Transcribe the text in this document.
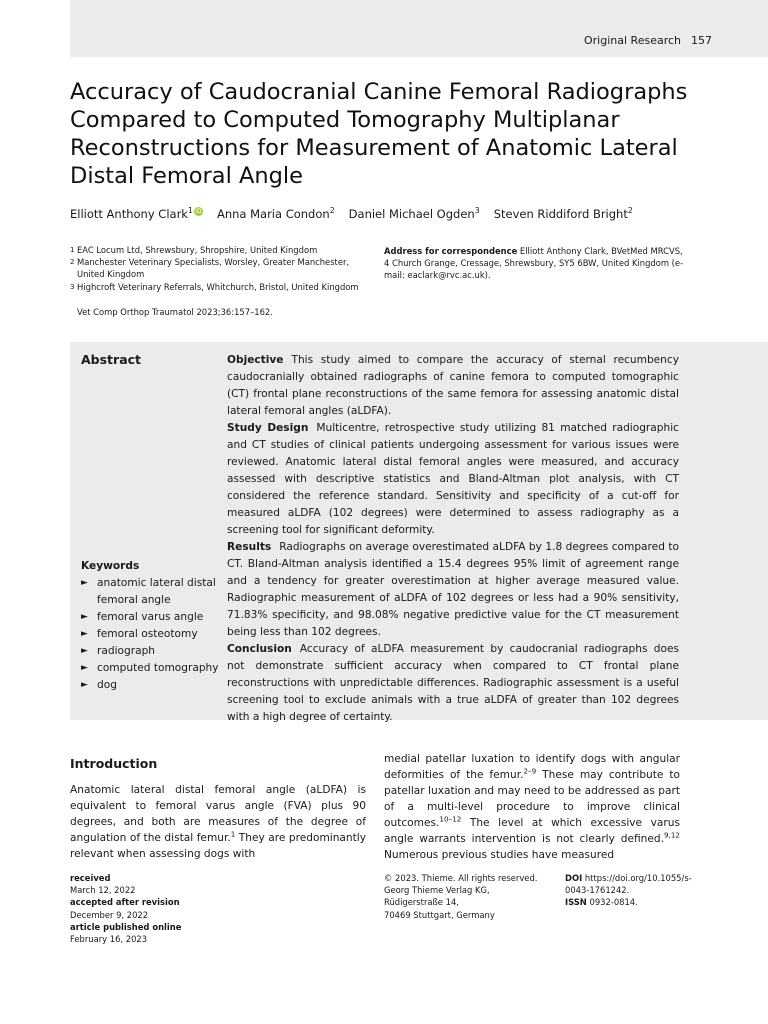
Original Research 157
Accuracy of Caudocranial Canine Femoral Radiographs Compared to Computed Tomography Multiplanar Reconstructions for Measurement of Anatomic Lateral Distal Femoral Angle
Elliott Anthony Clark$^1$ iD Anna Maria Condon$^2$ Daniel Michael Ogden$^3$ Steven Riddiford Bright$^2$
1 EAC Locum Ltd, Shrewsbury, Shropshire, United Kingdom
2 Manchester Veterinary Specialists, Worsley, Greater Manchester, United Kingdom
3 Highcroft Veterinary Referrals, Whitchurch, Bristol, United Kingdom
Address for correspondence Elliott Anthony Clark, BVetMed MRCVS, 4 Church Grange, Cressage, Shrewsbury, SY5 6BW, United Kingdom (e-mail: eaclark@rvc.ac.uk).
Vet Comp Orthop Traumatol 2023;36:157–162.
Abstract	Objective This study aimed to compare the accuracy of sternal recumbency caudocranially obtained radiographs of canine femora to computed tomographic (CT) frontal plane reconstructions of the same femora for assessing anatomic distal lateral femoral angles (aLDFA).
Study Design Multicentre, retrospective study utilizing 81 matched radiographic and CT studies of clinical patients undergoing assessment for various issues were reviewed. Anatomic lateral distal femoral angles were measured, and accuracy assessed with descriptive statistics and Bland-Altman plot analysis, with CT considered the reference standard. Sensitivity and specificity of a cut-off for measured aLDFA (102 degrees) were determined to assess radiography as a screening tool for significant deformity.
Results Radiographs on average overestimated aLDFA by 1.8 degrees compared to CT. Bland-Altman analysis identified a 15.4 degrees 95% limit of agreement range and a tendency for greater overestimation at higher average measured value. Radiographic measurement of aLDFA of 102 degrees or less had a 90% sensitivity, 71.83% specificity, and 98.08% negative predictive value for the CT measurement being less than 102 degrees.
Conclusion Accuracy of aLDFA measurement by caudocranial radiographs does not demonstrate sufficient accuracy when compared to CT frontal plane reconstructions with unpredictable differences. Radiographic assessment is a useful screening tool to exclude animals with a true aLDFA of greater than 102 degrees with a high degree of certainty.
Keywords
► anatomic lateral distal femoral angle
► femoral varus angle
► femoral osteotomy
► radiograph
► computed tomography
► dog
Introduction
Anatomic lateral distal femoral angle (aLDFA) is equivalent to femoral varus angle (FVA) plus 90 degrees, and both are measures of the degree of angulation of the distal femur.$^1$ They are predominantly relevant when assessing dogs with
medial patellar luxation to identify dogs with angular deformities of the femur.$^{2-9}$ These may contribute to patellar luxation and may need to be addressed as part of a multi-level procedure to improve clinical outcomes.$^{10-12}$ The level at which excessive varus angle warrants intervention is not clearly defined.$^{9,12}$ Numerous previous studies have measured
received
March 12, 2022
accepted after revision
December 9, 2022
article published online
February 16, 2023
© 2023. Thieme. All rights reserved.
Georg Thieme Verlag KG,
Rüdigerstraße 14,
70469 Stuttgart, Germany
DOI https://doi.org/10.1055/s-0043-1761242.
ISSN 0932-0814.
